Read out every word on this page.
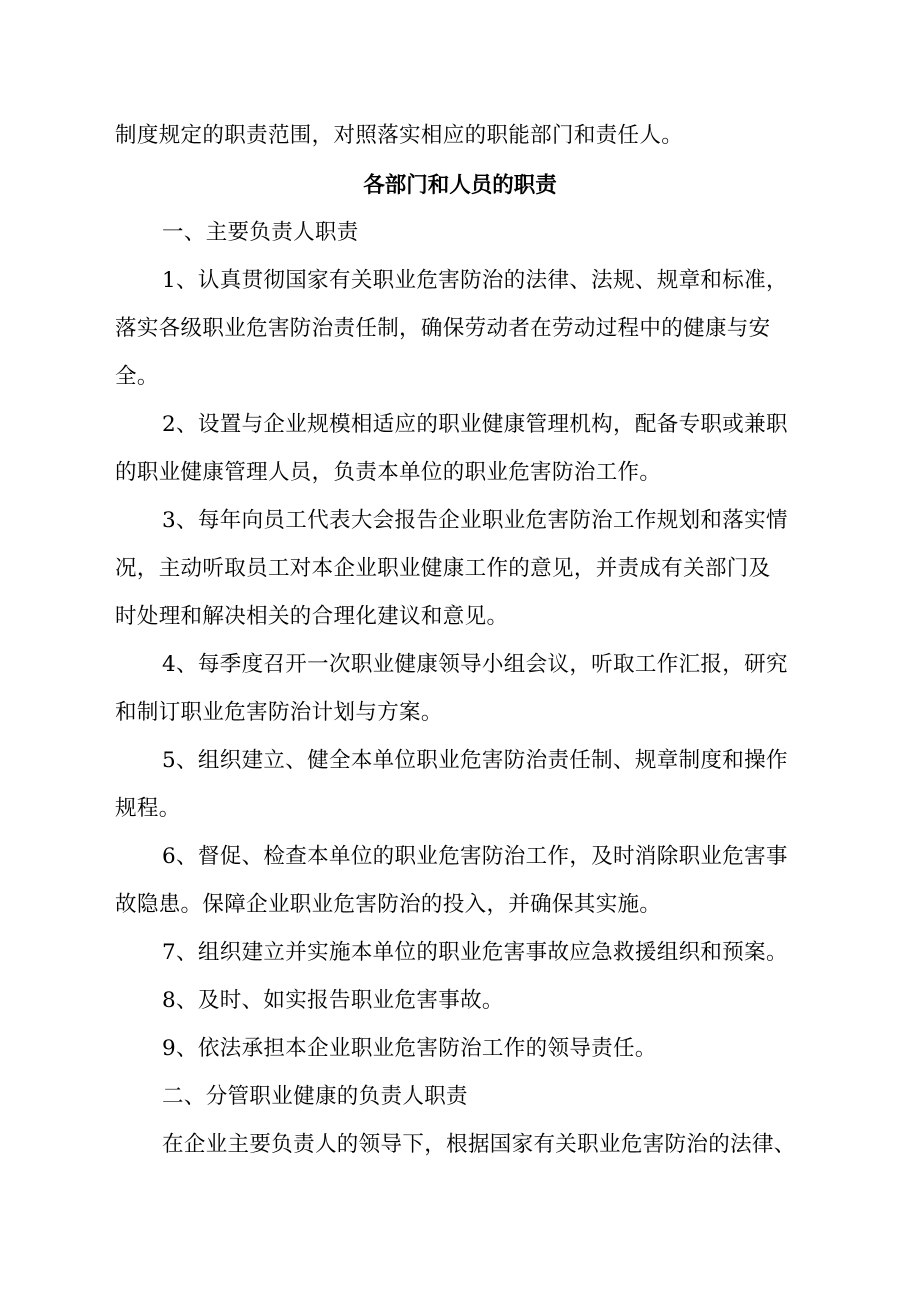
制度规定的职责范围，对照落实相应的职能部门和责任人。
各部门和人员的职责
一、主要负责人职责
1、认真贯彻国家有关职业危害防治的法律、法规、规章和标准，
落实各级职业危害防治责任制，确保劳动者在劳动过程中的健康与安
全。
2、设置与企业规模相适应的职业健康管理机构，配备专职或兼职
的职业健康管理人员，负责本单位的职业危害防治工作。
3、每年向员工代表大会报告企业职业危害防治工作规划和落实情
况，主动听取员工对本企业职业健康工作的意见，并责成有关部门及
时处理和解决相关的合理化建议和意见。
4、每季度召开一次职业健康领导小组会议，听取工作汇报，研究
和制订职业危害防治计划与方案。
5、组织建立、健全本单位职业危害防治责任制、规章制度和操作
规程。
6、督促、检查本单位的职业危害防治工作，及时消除职业危害事
故隐患。保障企业职业危害防治的投入，并确保其实施。
7、组织建立并实施本单位的职业危害事故应急救援组织和预案。
8、及时、如实报告职业危害事故。
9、依法承担本企业职业危害防治工作的领导责任。
二、分管职业健康的负责人职责
在企业主要负责人的领导下，根据国家有关职业危害防治的法律、
